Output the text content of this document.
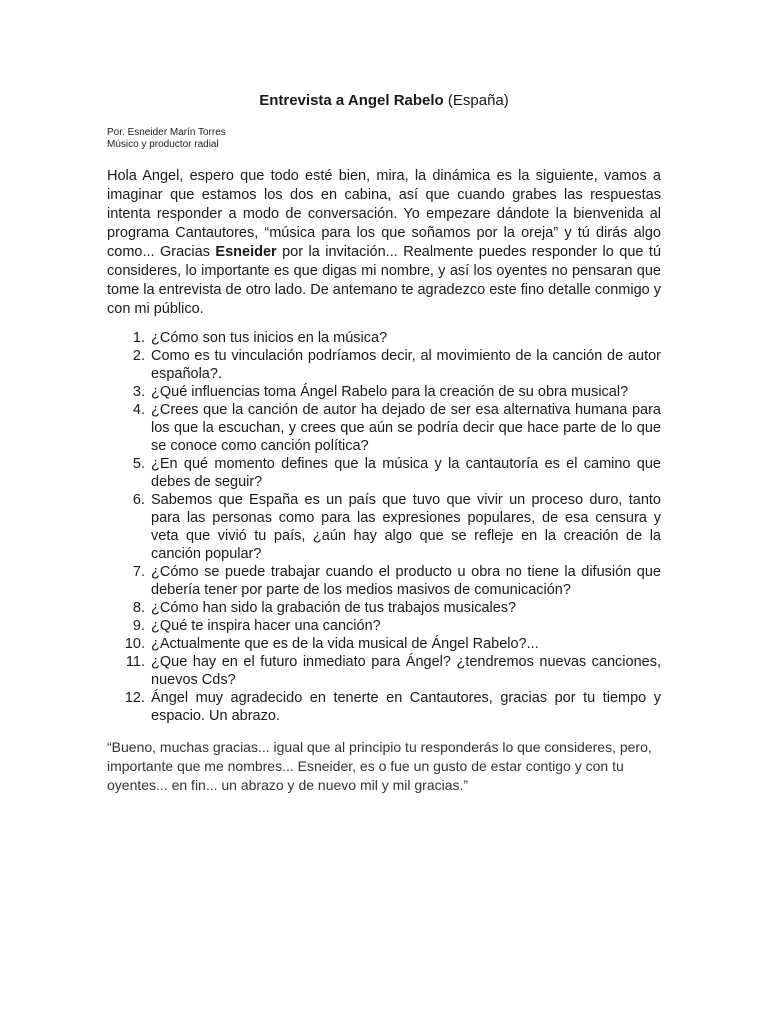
Entrevista a Angel Rabelo (España)
Por. Esneider Marín Torres
Músico y productor radial
Hola Angel, espero que todo esté bien, mira, la dinámica es la siguiente, vamos a imaginar que estamos los dos en cabina, así que cuando grabes las respuestas intenta responder a modo de conversación. Yo empezare dándote la bienvenida al programa Cantautores, “música para los que soñamos por la oreja” y tú dirás algo como... Gracias Esneider por la invitación... Realmente puedes responder lo que tú consideres, lo importante es que digas mi nombre, y así los oyentes no pensaran que tome la entrevista de otro lado. De antemano te agradezco este fino detalle conmigo y con mi público.
1. ¿Cómo son tus inicios en la música?
2. Como es tu vinculación podríamos decir, al movimiento de la canción de autor española?.
3. ¿Qué influencias toma Ángel Rabelo para la creación de su obra musical?
4. ¿Crees que la canción de autor ha dejado de ser esa alternativa humana para los que la escuchan, y crees que aún se podría decir que hace parte de lo que se conoce como canción política?
5. ¿En qué momento defines que la música y la cantautoría es el camino que debes de seguir?
6. Sabemos que España es un país que tuvo que vivir un proceso duro, tanto para las personas como para las expresiones populares, de esa censura y veta que vivió tu país, ¿aún hay algo que se refleje en la creación de la canción popular?
7. ¿Cómo se puede trabajar cuando el producto u obra no tiene la difusión que debería tener por parte de los medios masivos de comunicación?
8. ¿Cómo han sido la grabación de tus trabajos musicales?
9. ¿Qué te inspira hacer una canción?
10. ¿Actualmente que es de la vida musical de Ángel Rabelo?...
11. ¿Que hay en el futuro inmediato para Ángel? ¿tendremos nuevas canciones, nuevos Cds?
12. Ángel muy agradecido en tenerte en Cantautores, gracias por tu tiempo y espacio. Un abrazo.
“Bueno, muchas gracias... igual que al principio tu responderás lo que consideres, pero, importante que me nombres... Esneider, es o fue un gusto de estar contigo y con tu oyentes... en fin... un abrazo y de nuevo mil y mil gracias.”
